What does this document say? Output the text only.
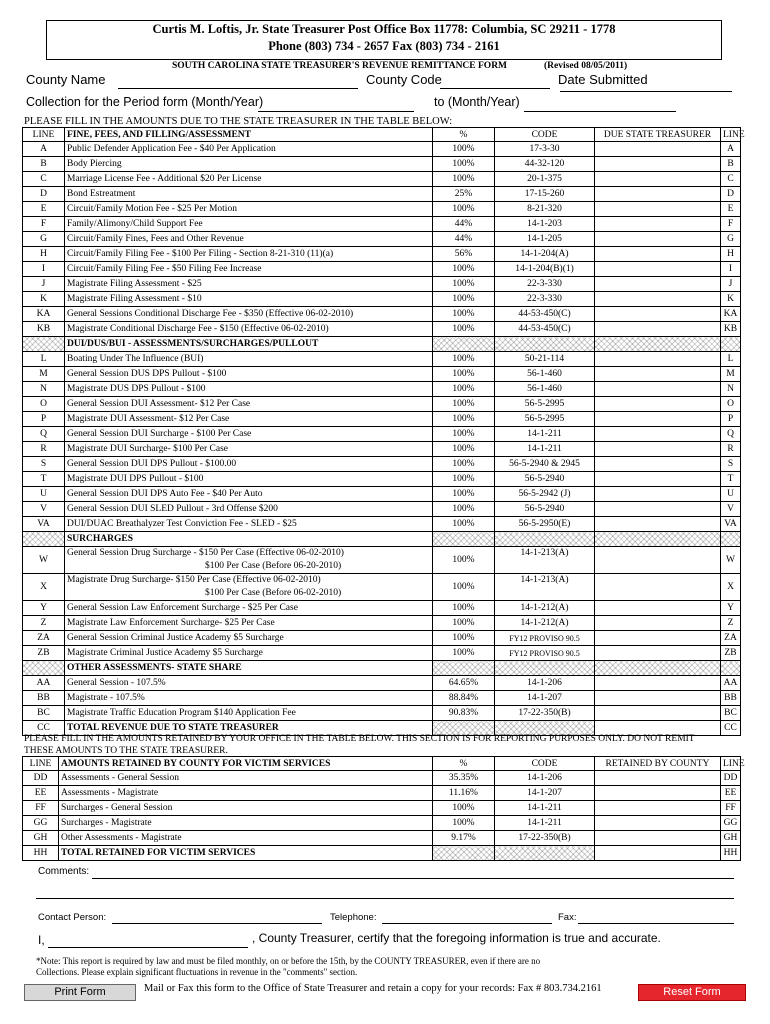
Curtis M. Loftis, Jr. State Treasurer Post Office Box 11778: Columbia, SC 29211 - 1778
Phone (803) 734 - 2657 Fax (803) 734 - 2161
SOUTH CAROLINA STATE TREASURER'S REVENUE REMITTANCE FORM	(Revised 08/05/2011)
County Name	County Code	Date Submitted
Collection for the Period form (Month/Year)	to (Month/Year)
PLEASE FILL IN THE AMOUNTS DUE TO THE STATE TREASURER IN THE TABLE BELOW:
LINE	FINE, FEES, AND FILLING/ASSESSMENT	%	CODE	DUE STATE TREASURER	LINE
A	Public Defender Application Fee - $40 Per Application	100%	17-3-30		A
B	Body Piercing	100%	44-32-120		B
C	Marriage License Fee - Additional $20 Per License	100%	20-1-375		C
D	Bond Estreatment	25%	17-15-260		D
E	Circuit/Family Motion Fee - $25 Per Motion	100%	8-21-320		E
F	Family/Alimony/Child Support Fee	44%	14-1-203		F
G	Circuit/Family Fines, Fees and Other Revenue	44%	14-1-205		G
H	Circuit/Family Filing Fee - $100 Per Filing - Section 8-21-310 (11)(a)	56%	14-1-204(A)		H
I	Circuit/Family Filing Fee - $50 Filing Fee Increase	100%	14-1-204(B)(1)		I
J	Magistrate Filing Assessment - $25	100%	22-3-330		J
K	Magistrate Filing Assessment - $10	100%	22-3-330		K
KA	General Sessions Conditional Discharge Fee - $350 (Effective 06-02-2010)	100%	44-53-450(C)		KA
KB	Magistrate Conditional Discharge Fee - $150 (Effective 06-02-2010)	100%	44-53-450(C)		KB
	DUI/DUS/BUI - ASSESSMENTS/SURCHARGES/PULLOUT				
L	Boating Under The Influence (BUI)	100%	50-21-114		L
M	General Session DUS DPS Pullout - $100	100%	56-1-460		M
N	Magistrate DUS DPS Pullout - $100	100%	56-1-460		N
O	General Session DUI Assessment- $12 Per Case	100%	56-5-2995		O
P	Magistrate DUI Assessment- $12 Per Case	100%	56-5-2995		P
Q	General Session DUI Surcharge - $100 Per Case	100%	14-1-211		Q
R	Magistrate DUI Surcharge- $100 Per Case	100%	14-1-211		R
S	General Session DUI DPS Pullout - $100.00	100%	56-5-2940 & 2945		S
T	Magistrate DUI DPS Pullout - $100	100%	56-5-2940		T
U	General Session DUI DPS Auto Fee - $40 Per Auto	100%	56-5-2942 (J)		U
V	General Session DUI SLED Pullout - 3rd Offense $200	100%	56-5-2940		V
VA	DUI/DUAC Breathalyzer Test Conviction Fee - SLED - $25	100%	56-5-2950(E)		VA
	SURCHARGES				
W	General Session Drug Surcharge - $150 Per Case (Effective 06-02-2010)
$100 Per Case (Before 06-20-2010)	100%	14-1-213(A)		W
X	Magistrate Drug Surcharge- $150 Per Case (Effective 06-02-2010)
$100 Per Case (Before 06-02-2010)	100%	14-1-213(A)		X
Y	General Session Law Enforcement Surcharge - $25 Per Case	100%	14-1-212(A)		Y
Z	Magistrate Law Enforcement Surcharge- $25 Per Case	100%	14-1-212(A)		Z
ZA	General Session Criminal Justice Academy $5 Surcharge	100%	FY12 PROVISO 90.5		ZA
ZB	Magistrate Criminal Justice Academy $5 Surcharge	100%	FY12 PROVISO 90.5		ZB
	OTHER ASSESSMENTS- STATE SHARE				
AA	General Session - 107.5%	64.65%	14-1-206		AA
BB	Magistrate - 107.5%	88.84%	14-1-207		BB
BC	Magistrate Traffic Education Program $140 Application Fee	90.83%	17-22-350(B)		BC
CC	TOTAL REVENUE DUE TO STATE TREASURER				CC
PLEASE FILL IN THE AMOUNTS RETAINED BY YOUR OFFICE IN THE TABLE BELOW. THIS SECTION IS FOR REPORTING PURPOSES ONLY. DO NOT REMIT THESE AMOUNTS TO THE STATE TREASURER.
LINE	AMOUNTS RETAINED BY COUNTY FOR VICTIM SERVICES	%	CODE	RETAINED BY COUNTY	LINE
DD	Assessments - General Session	35.35%	14-1-206		DD
EE	Assessments - Magistrate	11.16%	14-1-207		EE
FF	Surcharges - General Session	100%	14-1-211		FF
GG	Surcharges - Magistrate	100%	14-1-211		GG
GH	Other Assessments - Magistrate	9.17%	17-22-350(B)		GH
HH	TOTAL RETAINED FOR VICTIM SERVICES				HH
Comments:
Contact Person:	Telephone:	Fax:
I,	, County Treasurer, certify that the foregoing information is true and accurate.
*Note: This report is required by law and must be filed monthly, on or before the 15th, by the COUNTY TREASURER, even if there are no Collections. Please explain significant fluctuations in revenue in the "comments" section.
Print Form	Mail or Fax this form to the Office of State Treasurer and retain a copy for your records: Fax # 803.734.2161	Reset Form
